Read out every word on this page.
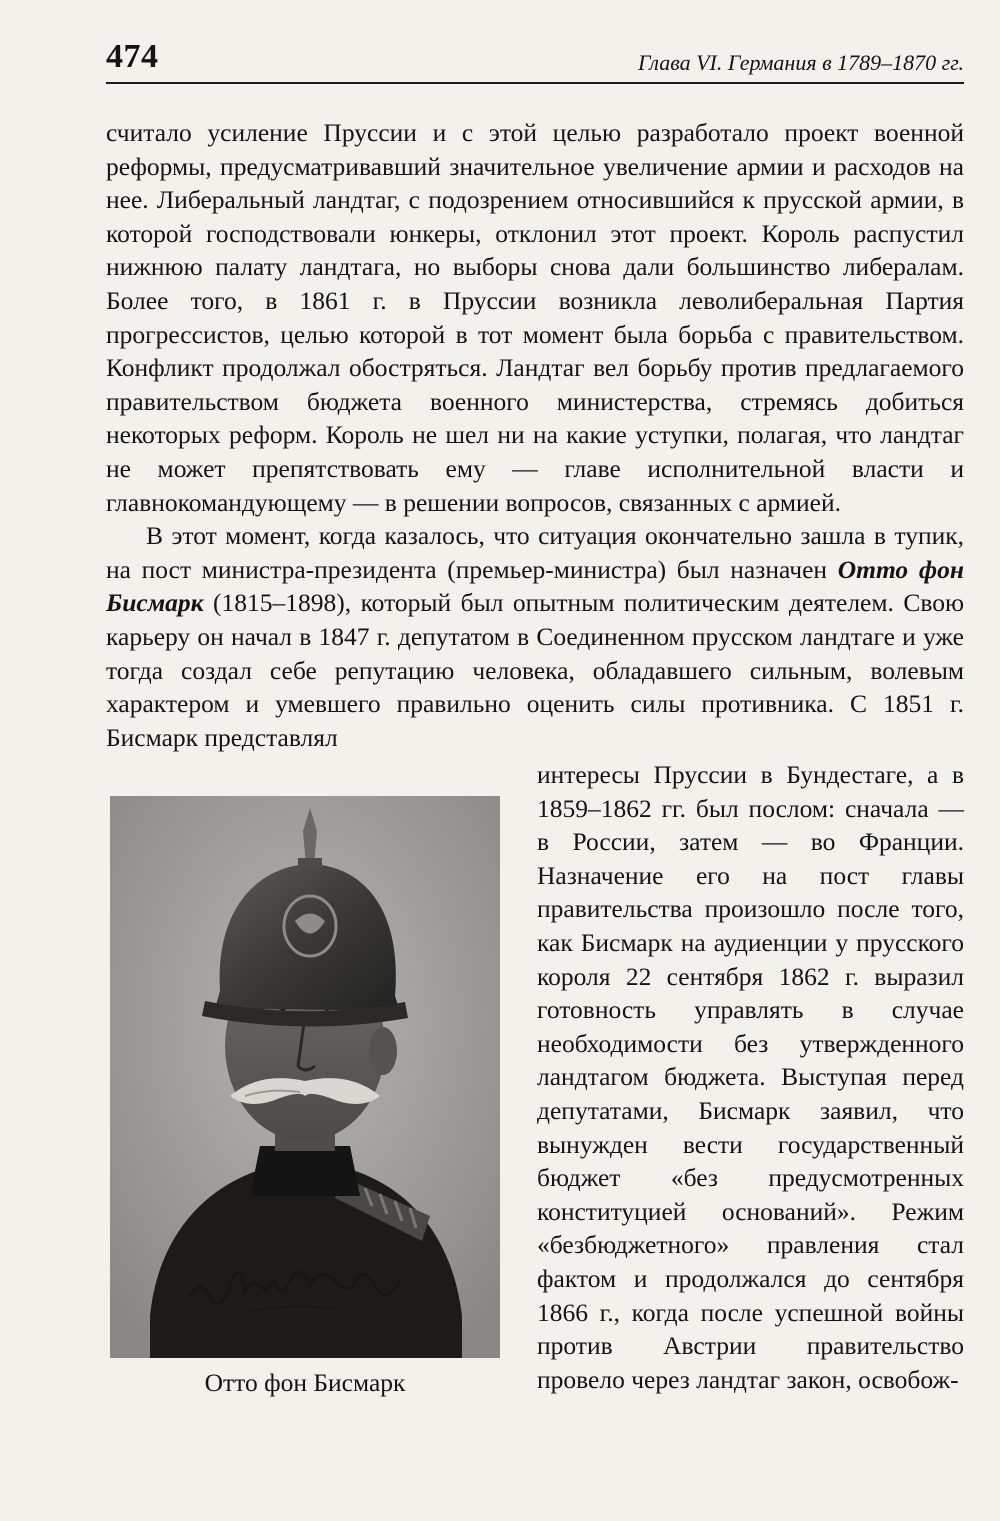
474	Глава VI. Германия в 1789–1870 гг.

считало усиление Пруссии и с этой целью разработало проект военной реформы, предусматривавший значительное увеличение армии и расходов на нее. Либеральный ландтаг, с подозрением относившийся к прусской армии, в которой господствовали юнкеры, отклонил этот проект. Король распустил нижнюю палату ландтага, но выборы снова дали большинство либералам. Более того, в 1861 г. в Пруссии возникла леволиберальная Партия прогрессистов, целью которой в тот момент была борьба с правительством. Конфликт продолжал обостряться. Ландтаг вел борьбу против предлагаемого правительством бюджета военного министерства, стремясь добиться некоторых реформ. Король не шел ни на какие уступки, полагая, что ландтаг не может препятствовать ему — главе исполнительной власти и главнокомандующему — в решении вопросов, связанных с армией.

В этот момент, когда казалось, что ситуация окончательно зашла в тупик, на пост министра-президента (премьер-министра) был назначен Отто фон Бисмарк (1815–1898), который был опытным политическим деятелем. Свою карьеру он начал в 1847 г. депутатом в Соединенном прусском ландтаге и уже тогда создал себе репутацию человека, обладавшего сильным, волевым характером и умевшего правильно оценить силы противника. С 1851 г. Бисмарк представлял

Отто фон Бисмарк

интересы Пруссии в Бундестаге, а в 1859–1862 гг. был послом: сначала — в России, затем — во Франции. Назначение его на пост главы правительства произошло после того, как Бисмарк на аудиенции у прусского короля 22 сентября 1862 г. выразил готовность управлять в случае необходимости без утвержденного ландтагом бюджета. Выступая перед депутатами, Бисмарк заявил, что вынужден вести государственный бюджет «без предусмотренных конституцией оснований». Режим «безбюджетного» правления стал фактом и продолжался до сентября 1866 г., когда после успешной войны против Австрии правительство провело через ландтаг закон, освобож-
